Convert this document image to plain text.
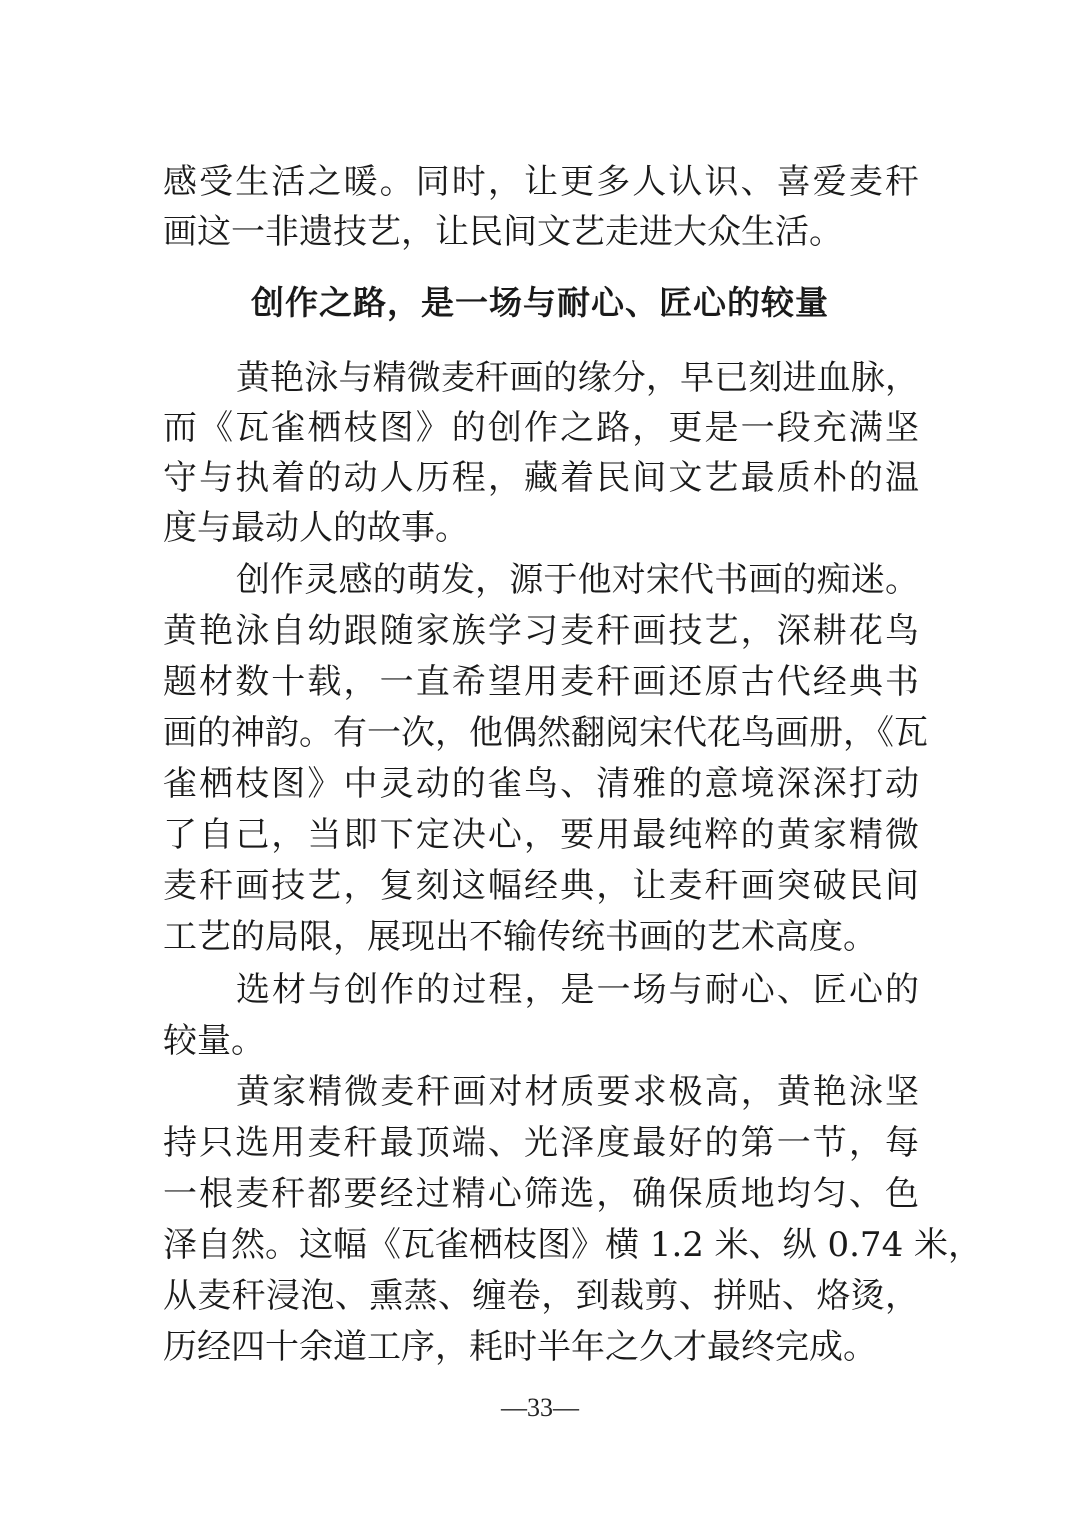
感受生活之暖。同时，让更多人认识、喜爱麦秆
画这一非遗技艺，让民间文艺走进大众生活。
创作之路，是一场与耐心、匠心的较量
黄艳泳与精微麦秆画的缘分，早已刻进血脉，
而《瓦雀栖枝图》的创作之路，更是一段充满坚
守与执着的动人历程，藏着民间文艺最质朴的温
度与最动人的故事。
创作灵感的萌发，源于他对宋代书画的痴迷。
黄艳泳自幼跟随家族学习麦秆画技艺，深耕花鸟
题材数十载，一直希望用麦秆画还原古代经典书
画的神韵。有一次，他偶然翻阅宋代花鸟画册，《瓦
雀栖枝图》中灵动的雀鸟、清雅的意境深深打动
了自己，当即下定决心，要用最纯粹的黄家精微
麦秆画技艺，复刻这幅经典，让麦秆画突破民间
工艺的局限，展现出不输传统书画的艺术高度。
选材与创作的过程，是一场与耐心、匠心的
较量。
黄家精微麦秆画对材质要求极高，黄艳泳坚
持只选用麦秆最顶端、光泽度最好的第一节，每
一根麦秆都要经过精心筛选，确保质地均匀、色
泽自然。这幅《瓦雀栖枝图》横 1.2 米、纵 0.74 米，
从麦秆浸泡、熏蒸、缠卷，到裁剪、拼贴、烙烫，
历经四十余道工序，耗时半年之久才最终完成。
—33—
